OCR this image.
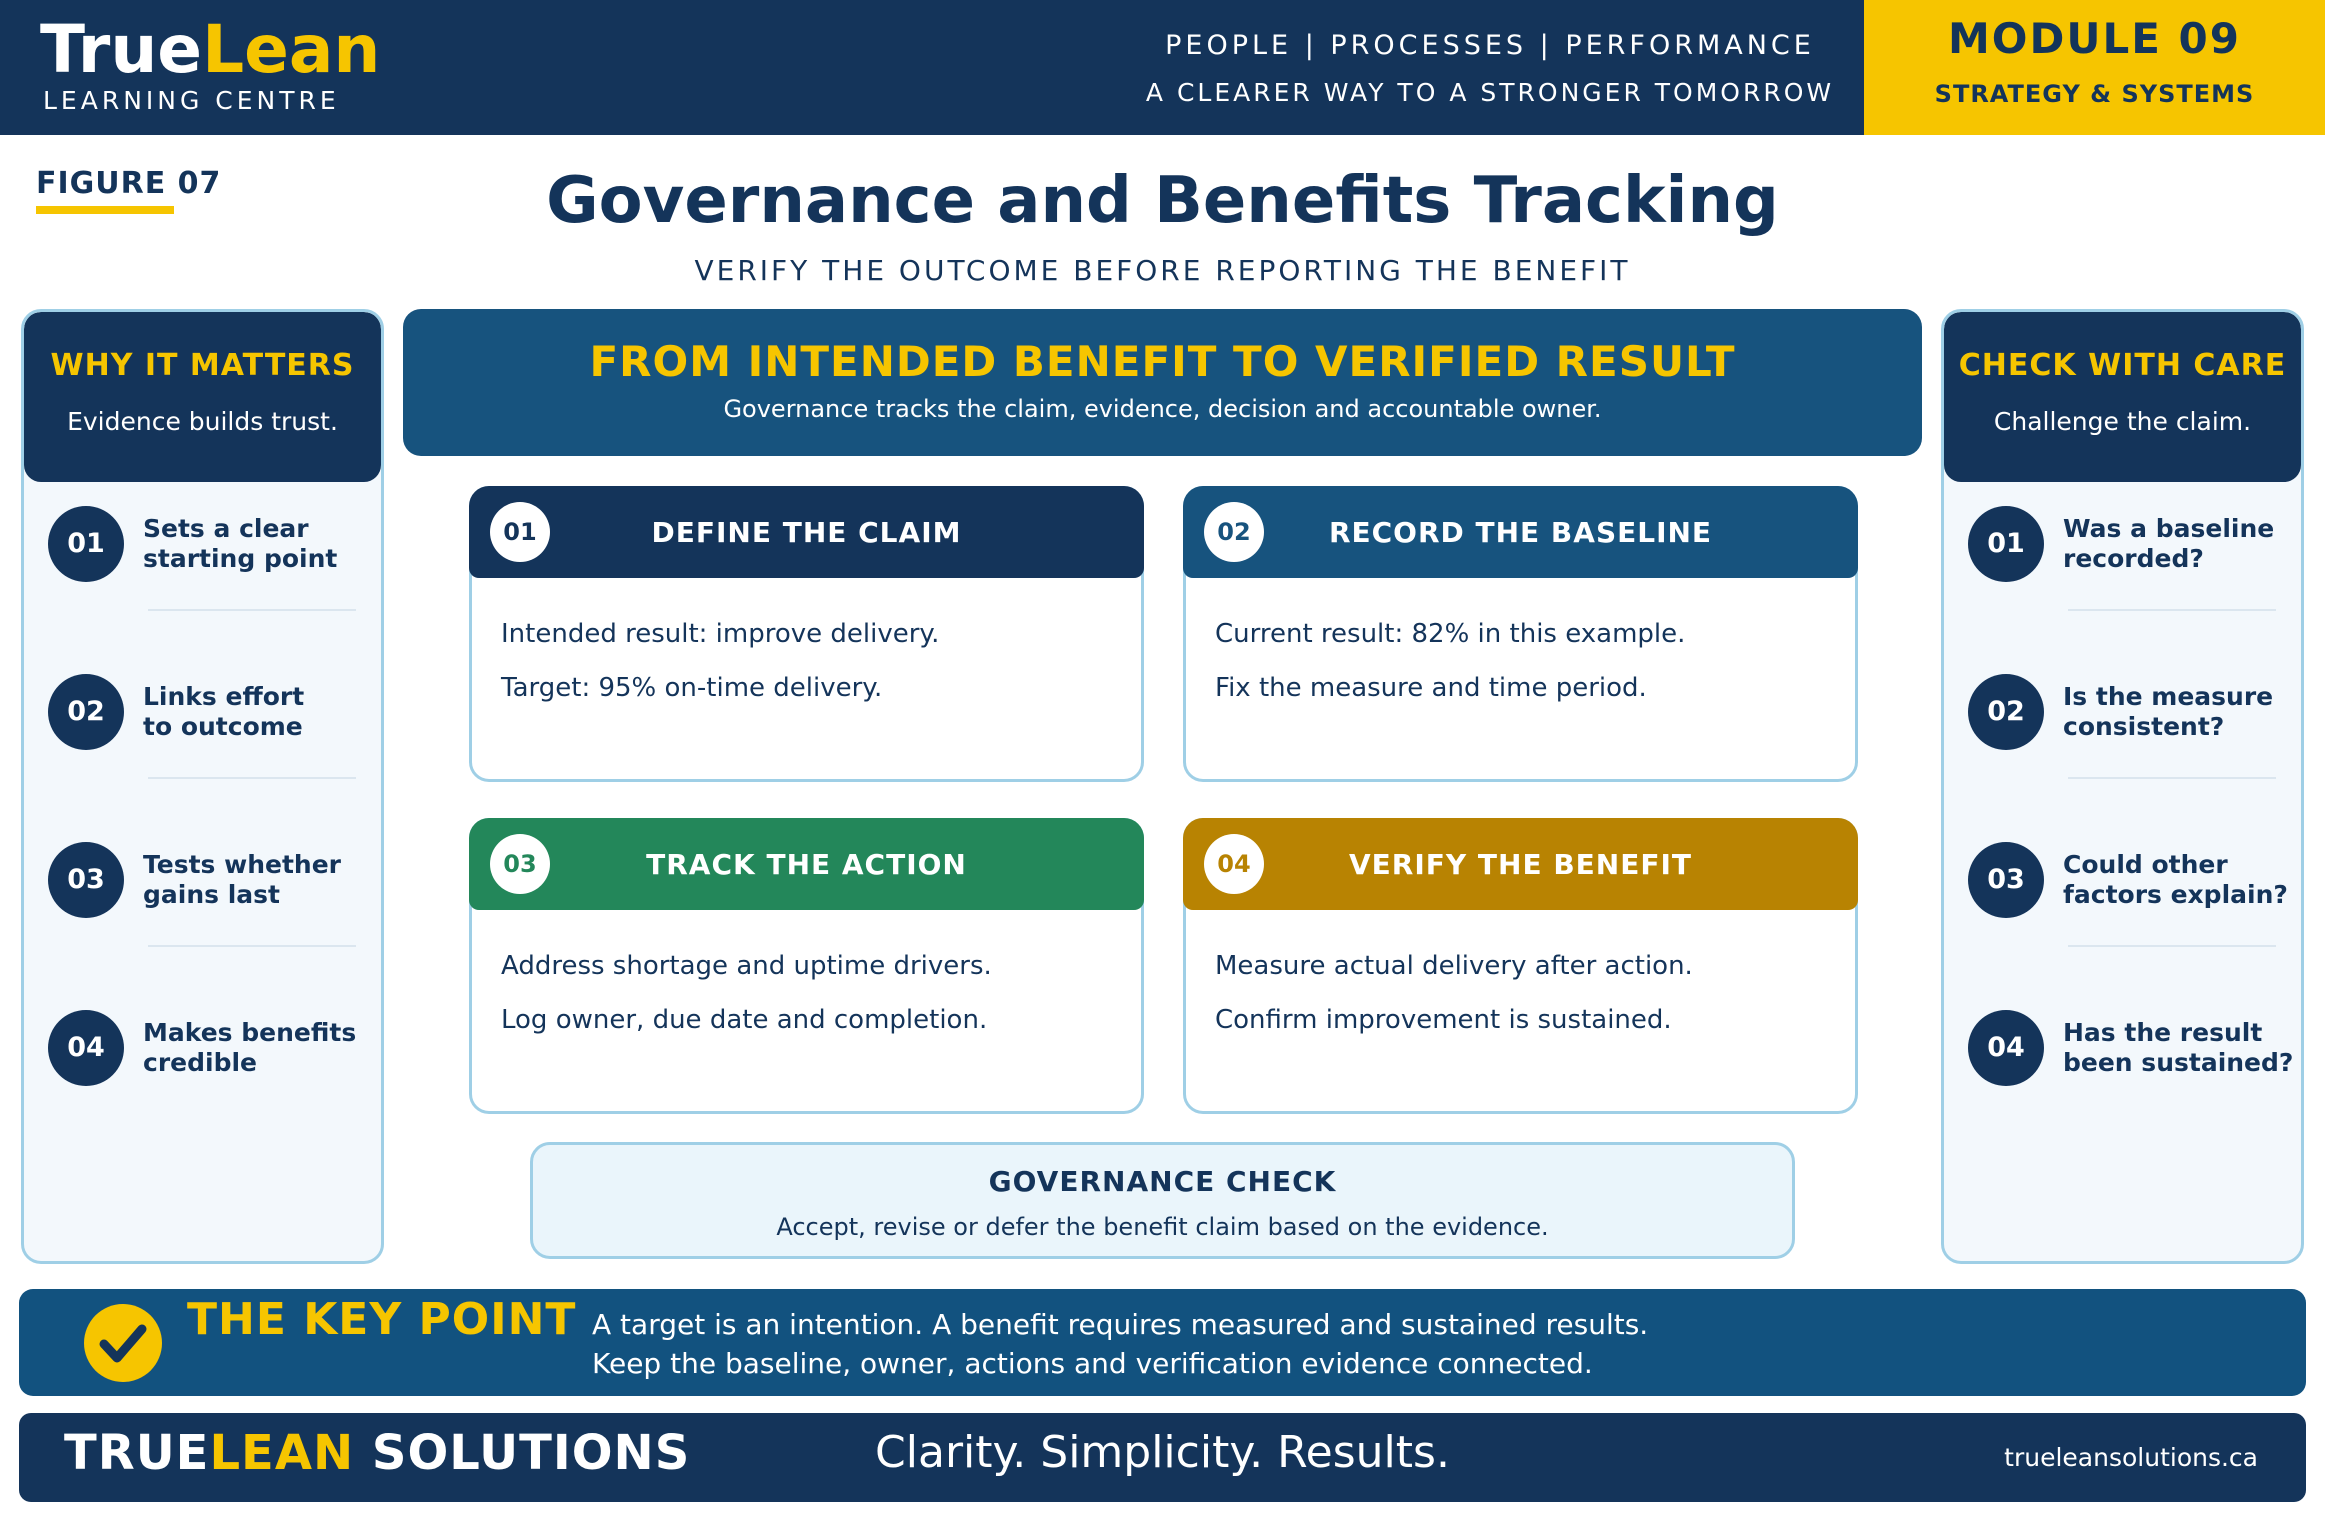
TrueLean
LEARNING CENTRE
PEOPLE | PROCESSES | PERFORMANCE
A CLEARER WAY TO A STRONGER TOMORROW
MODULE 09
STRATEGY & SYSTEMS
FIGURE 07	Governance and Benefits Tracking
VERIFY THE OUTCOME BEFORE REPORTING THE BENEFIT
WHY IT MATTERS
Evidence builds trust.
01	Sets a clear
starting point
02	Links effort
to outcome
03	Tests whether
gains last
04	Makes benefits
credible
CHECK WITH CARE
Challenge the claim.
01	Was a baseline
recorded?
02	Is the measure
consistent?
03	Could other
factors explain?
04	Has the result
been sustained?
FROM INTENDED BENEFIT TO VERIFIED RESULT
Governance tracks the claim, evidence, decision and accountable owner.
01	DEFINE THE CLAIM
Intended result: improve delivery.
Target: 95% on-time delivery.
02	RECORD THE BASELINE
Current result: 82% in this example.
Fix the measure and time period.
03	TRACK THE ACTION
Address shortage and uptime drivers.
Log owner, due date and completion.
04	VERIFY THE BENEFIT
Measure actual delivery after action.
Confirm improvement is sustained.
GOVERNANCE CHECK
Accept, revise or defer the benefit claim based on the evidence.
THE KEY POINT A target is an intention. A benefit requires measured and sustained results.
Keep the baseline, owner, actions and verification evidence connected.
TRUELEAN SOLUTIONS	Clarity. Simplicity. Results.	trueleansolutions.ca
